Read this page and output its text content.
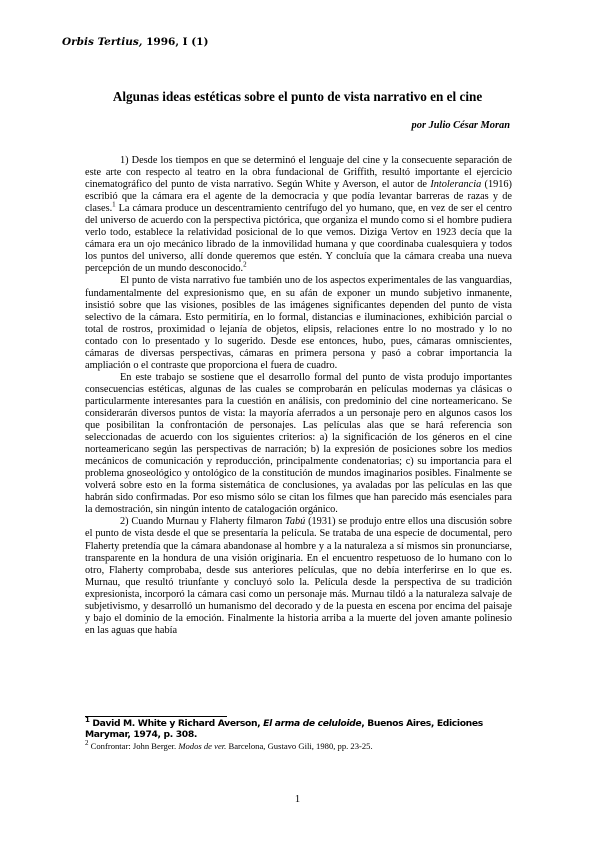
Orbis Tertius, 1996, I (1)
Algunas ideas estéticas sobre el punto de vista narrativo en el cine
por Julio César Moran

1) Desde los tiempos en que se determinó el lenguaje del cine y la consecuente separación de este arte con respecto al teatro en la obra fundacional de Griffith, resultó importante el ejercicio cinematográfico del punto de vista narrativo. Según White y Averson, el autor de Intolerancia (1916) escribió que la cámara era el agente de la democracia y que podía levantar barreras de razas y de clases.$^1$ La cámara produce un descentramiento centrífugo del yo humano, que, en vez de ser el centro del universo de acuerdo con la perspectiva pictórica, que organiza el mundo como si el hombre pudiera verlo todo, establece la relatividad posicional de lo que vemos. Diziga Vertov en 1923 decía que la cámara era un ojo mecánico librado de la inmovilidad humana y que coordinaba cualesquiera y todos los puntos del universo, allí donde queremos que estén. Y concluía que la cámara creaba una nueva percepción de un mundo desconocido.$^2$

El punto de vista narrativo fue también uno de los aspectos experimentales de las vanguardias, fundamentalmente del expresionismo que, en su afán de exponer un mundo subjetivo inmanente, insistió sobre que las visiones, posibles de las imágenes significantes dependen del punto de vista selectivo de la cámara. Esto permitiría, en lo formal, distancias e iluminaciones, exhibición parcial o total de rostros, proximidad o lejanía de objetos, elipsis, relaciones entre lo no mostrado y lo no contado con lo presentado y lo sugerido. Desde ese entonces, hubo, pues, cámaras omniscientes, cámaras de diversas perspectivas, cámaras en primera persona y pasó a cobrar importancia la ampliación o el contraste que proporciona el fuera de cuadro.

En este trabajo se sostiene que el desarrollo formal del punto de vista produjo importantes consecuencias estéticas, algunas de las cuales se comprobarán en películas modernas ya clásicas o particularmente interesantes para la cuestión en análisis, con predominio del cine norteamericano. Se considerarán diversos puntos de vista: la mayoría aferrados a un personaje pero en algunos casos los que posibilitan la confrontación de personajes. Las películas alas que se hará referencia son seleccionadas de acuerdo con los siguientes criterios: a) la significación de los géneros en el cine norteamericano según las perspectivas de narración; b) la expresión de posiciones sobre los medios mecánicos de comunicación y reproducción, principalmente condenatorias; c) su importancia para el problema gnoseológico y ontológico de la constitución de mundos imaginarios posibles. Finalmente se volverá sobre esto en la forma sistemática de conclusiones, ya avaladas por las películas en las que habrán sido confirmadas. Por eso mismo sólo se citan los filmes que han parecido más esenciales para la demostración, sin ningún intento de catalogación orgánico.

2) Cuando Murnau y Flaherty filmaron Tabú (1931) se produjo entre ellos una discusión sobre el punto de vista desde el que se presentaría la película. Se trataba de una especie de documental, pero Flaherty pretendía que la cámara abandonase al hombre y a la naturaleza a sí mismos sin pronunciarse, transparente en la hondura de una visión originaria. En el encuentro respetuoso de lo humano con lo otro, Flaherty comprobaba, desde sus anteriores películas, que no debía interferirse en lo que es. Murnau, que resultó triunfante y concluyó solo la. Película desde la perspectiva de su tradición expresionista, incorporó la cámara casi como un personaje más. Murnau tildó a la naturaleza salvaje de subjetivismo, y desarrolló un humanismo del decorado y de la puesta en escena por encima del paisaje y bajo el dominio de la emoción. Finalmente la historia arriba a la muerte del joven amante polinesio en las aguas que había

$^1$ David M. White y Richard Averson, El arma de celuloide, Buenos Aires, Ediciones Marymar, 1974, p. 308.
$^2$ Confrontar: John Berger. Modos de ver. Barcelona, Gustavo Gili, 1980, pp. 23-25.
1
